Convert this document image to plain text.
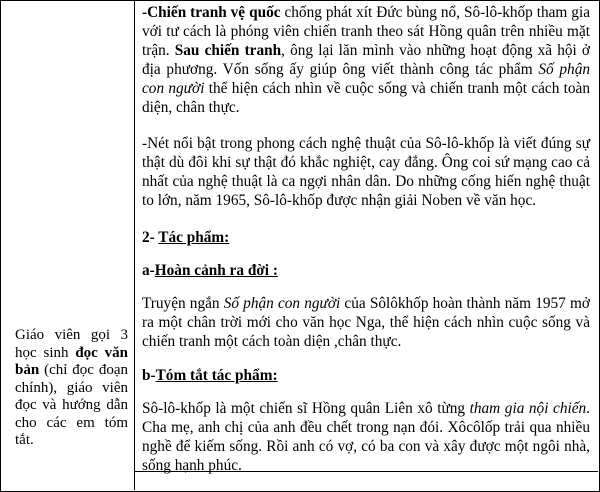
Giáo viên gọi 3 học sinh đọc văn bản (chỉ đọc đoạn chính), giáo viên đọc và hướng dẫn cho các em tóm tắt.

-Chiến tranh vệ quốc chống phát xít Đức bùng nổ, Sô-lô-khốp tham gia với tư cách là phóng viên chiến tranh theo sát Hồng quân trên nhiều mặt trận. Sau chiến tranh, ông lại lăn mình vào những hoạt động xã hội ở địa phương. Vốn sống ấy giúp ông viết thành công tác phẩm Số phận con người thể hiện cách nhìn về cuộc sống và chiến tranh một cách toàn diện, chân thực.

-Nét nổi bật trong phong cách nghệ thuật của Sô-lô-khốp là viết đúng sự thật dù đôi khi sự thật đó khắc nghiệt, cay đắng. Ông coi sứ mạng cao cả nhất của nghệ thuật là ca ngợi nhân dân. Do những cống hiến nghệ thuật to lớn, năm 1965, Sô-lô-khốp được nhận giải Noben về văn học.

2- Tác phẩm:

a-Hoàn cảnh ra đời :

Truyện ngắn Số phận con người của Sôlôkhốp hoàn thành năm 1957 mở ra một chân trời mới cho văn học Nga, thể hiện cách nhìn cuộc sống và chiến tranh một cách toàn diện ,chân thực.

b-Tóm tắt tác phẩm:

Sô-lô-khốp là một chiến sĩ Hồng quân Liên xô từng tham gia nội chiến. Cha mẹ, anh chị của anh đều chết trong nạn đói. Xôcôlốp trải qua nhiều nghề để kiếm sống. Rồi anh có vợ, có ba con và xây được một ngôi nhà, sống hạnh phúc.
